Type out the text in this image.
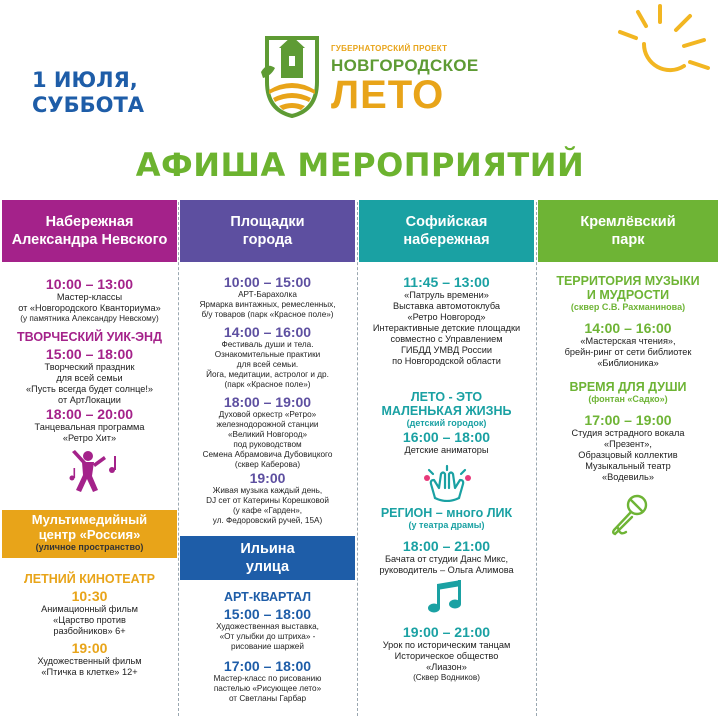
1 ИЮЛЯ,
СУББОТА
ГУБЕРНАТОРСКИЙ ПРОЕКТ
НОВГОРОДСКОЕ
ЛЕТО
АФИША МЕРОПРИЯТИЙ
Набережная
Александра Невского
10:00 – 13:00
Мастер-классы
от «Новгородского Кванториума»
(у памятника Александру Невскому)
ТВОРЧЕСКИЙ УИК-ЭНД
15:00 – 18:00
Творческий праздник
для всей семьи
«Пусть всегда будет солнце!»
от АртЛокации
18:00 – 20:00
Танцевальная программа
«Ретро Хит»
Мультимедийный
центр «Россия»
(уличное пространство)
ЛЕТНИЙ КИНОТЕАТР
10:30
Анимационный фильм
«Царство против
разбойников» 6+
19:00
Художественный фильм
«Птичка в клетке» 12+
Площадки
города
10:00 – 15:00
АРТ-Барахолка
Ярмарка винтажных, ремесленных,
б/у товаров (парк «Красное поле»)
14:00 – 16:00
Фестиваль души и тела.
Ознакомительные практики
для всей семьи.
Йога, медитации, астролог и др.
(парк «Красное поле»)
18:00 – 19:00
Духовой оркестр «Ретро»
железнодорожной станции
«Великий Новгород»
под руководством
Семена Абрамовича Дубовицкого
(сквер Каберова)
19:00
Живая музыка каждый день,
DJ сет от Катерины Корешковой
(у кафе «Гарден»,
ул. Федоровский ручей, 15А)
Ильина
улица
АРТ-КВАРТАЛ
15:00 – 18:00
Художественная выставка,
«От улыбки до штриха» -
рисование шаржей
17:00 – 18:00
Мастер-класс по рисованию
пастелью «Рисующее лето»
от Светланы Гарбар
Софийская
набережная
11:45 – 13:00
«Патруль времени»
Выставка автомотоклуба
«Ретро Новгород»
Интерактивные детские площадки
совместно с Управлением
ГИБДД УМВД России
по Новгородской области
ЛЕТО - ЭТО
МАЛЕНЬКАЯ ЖИЗНЬ
(детский городок)
16:00 – 18:00
Детские аниматоры
РЕГИОН – много ЛИК
(у театра драмы)
18:00 – 21:00
Бачата от студии Данс Микс,
руководитель – Ольга Алимова
19:00 – 21:00
Урок по историческим танцам
Историческое общество
«Лиазон»
(Сквер Водников)
Кремлёвский
парк
ТЕРРИТОРИЯ МУЗЫКИ
И МУДРОСТИ
(сквер С.В. Рахманинова)
14:00 – 16:00
«Мастерская чтения»,
брейн-ринг от сети библиотек
«Библионика»
ВРЕМЯ ДЛЯ ДУШИ
(фонтан «Садко»)
17:00 – 19:00
Студия эстрадного вокала
«Презент»,
Образцовый коллектив
Музыкальный театр
«Водевиль»
